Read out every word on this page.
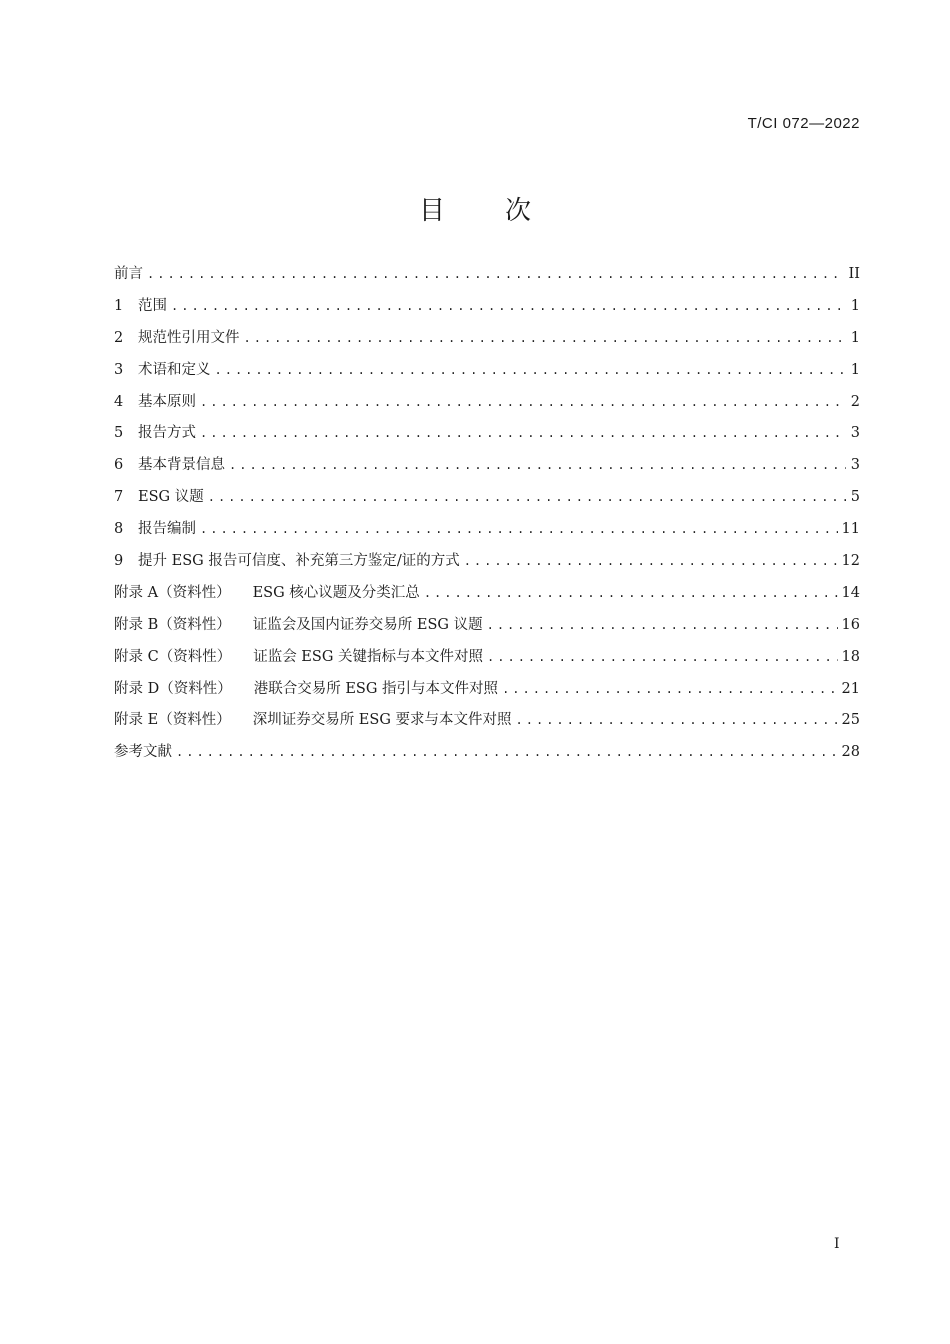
T/CI 072—2022
目 次
前言 .....	II
1 范围 .....	1
2 规范性引用文件 .....	1
3 术语和定义 .....	1
4 基本原则 .....	2
5 报告方式 .....	3
6 基本背景信息 .....	3
7 ESG 议题 .....	5
8 报告编制 .....	11
9 提升 ESG 报告可信度、补充第三方鉴定/证的方式 .....	12
附录 A（资料性） ESG 核心议题及分类汇总 .....	14
附录 B（资料性） 证监会及国内证券交易所 ESG 议题 .....	16
附录 C（资料性） 证监会 ESG 关键指标与本文件对照 .....	18
附录 D（资料性） 港联合交易所 ESG 指引与本文件对照 .....	21
附录 E（资料性） 深圳证券交易所 ESG 要求与本文件对照 .....	25
参考文献 .....	28
I
